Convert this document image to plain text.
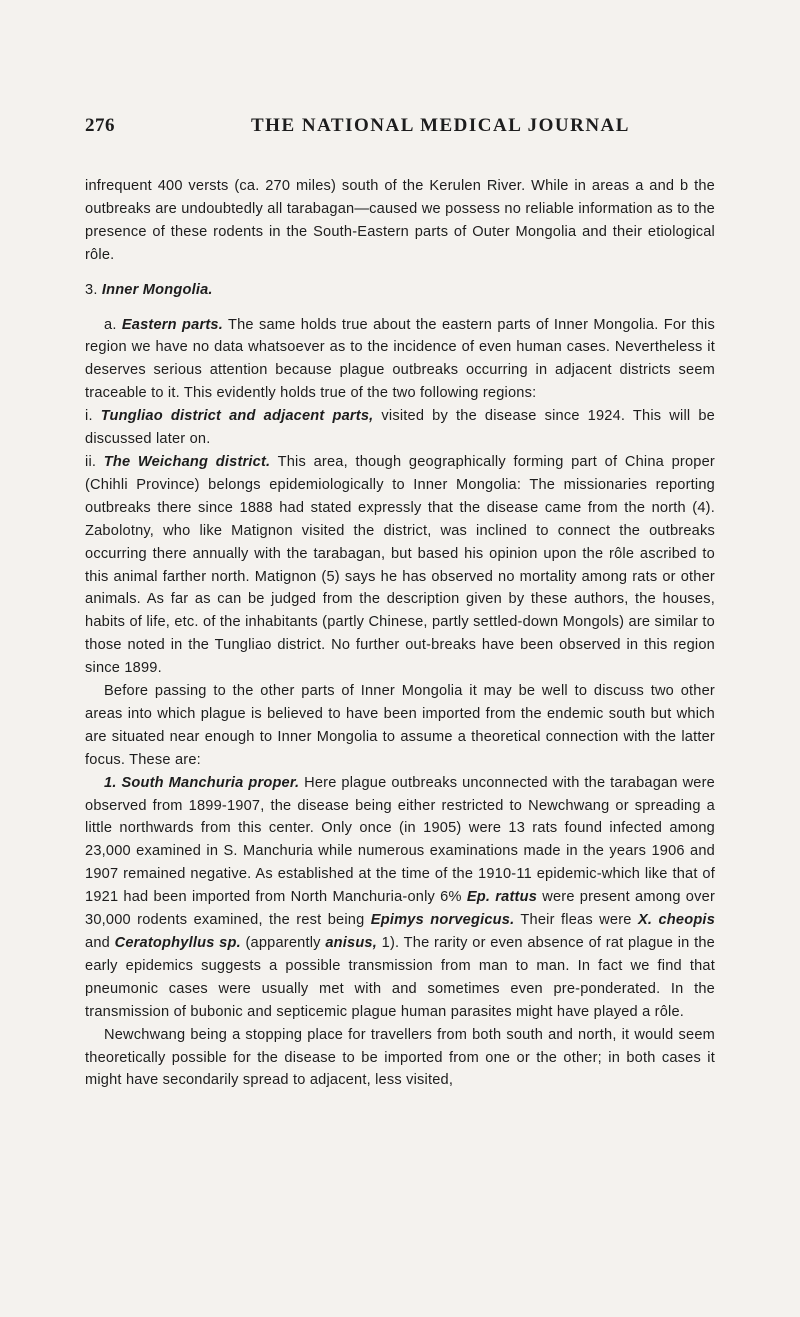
276	THE NATIONAL MEDICAL JOURNAL

infrequent 400 versts (ca. 270 miles) south of the Kerulen River. While in areas a and b the outbreaks are undoubtedly all tarabagan—caused we possess no reliable information as to the presence of these rodents in the South-Eastern parts of Outer Mongolia and their etiological rôle.

3. Inner Mongolia.

a. Eastern parts. The same holds true about the eastern parts of Inner Mongolia. For this region we have no data whatsoever as to the incidence of even human cases. Nevertheless it deserves serious attention because plague outbreaks occurring in adjacent districts seem traceable to it. This evidently holds true of the two following regions:

i. Tungliao district and adjacent parts, visited by the disease since 1924. This will be discussed later on.

ii. The Weichang district. This area, though geographically forming part of China proper (Chihli Province) belongs epidemiologically to Inner Mongolia: The missionaries reporting outbreaks there since 1888 had stated expressly that the disease came from the north (4). Zabolotny, who like Matignon visited the district, was inclined to connect the outbreaks occurring there annually with the tarabagan, but based his opinion upon the rôle ascribed to this animal farther north. Matignon (5) says he has observed no mortality among rats or other animals. As far as can be judged from the description given by these authors, the houses, habits of life, etc. of the inhabitants (partly Chinese, partly settled-down Mongols) are similar to those noted in the Tungliao district. No further out-breaks have been observed in this region since 1899.

Before passing to the other parts of Inner Mongolia it may be well to discuss two other areas into which plague is believed to have been imported from the endemic south but which are situated near enough to Inner Mongolia to assume a theoretical connection with the latter focus. These are:

1. South Manchuria proper. Here plague outbreaks unconnected with the tarabagan were observed from 1899-1907, the disease being either restricted to Newchwang or spreading a little northwards from this center. Only once (in 1905) were 13 rats found infected among 23,000 examined in S. Manchuria while numerous examinations made in the years 1906 and 1907 remained negative. As established at the time of the 1910-11 epidemic-which like that of 1921 had been imported from North Manchuria-only 6% Ep. rattus were present among over 30,000 rodents examined, the rest being Epimys norvegicus. Their fleas were X. cheopis and Ceratophyllus sp. (apparently anisus, 1). The rarity or even absence of rat plague in the early epidemics suggests a possible transmission from man to man. In fact we find that pneumonic cases were usually met with and sometimes even pre-ponderated. In the transmission of bubonic and septicemic plague human parasites might have played a rôle.

Newchwang being a stopping place for travellers from both south and north, it would seem theoretically possible for the disease to be imported from one or the other; in both cases it might have secondarily spread to adjacent, less visited,
